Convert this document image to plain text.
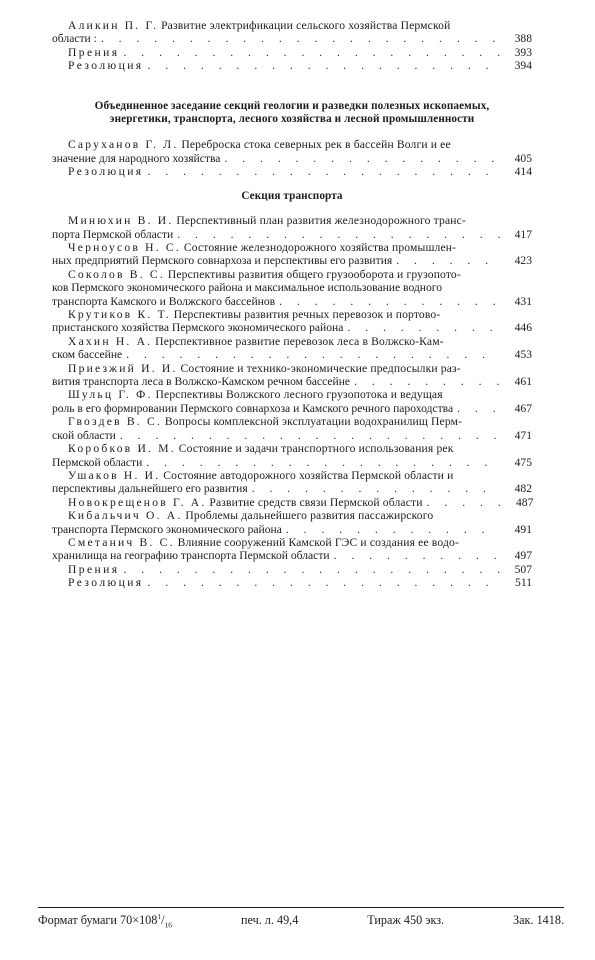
Аликин П. Г. Развитие электрификации сельского хозяйства Пермской
области : . . .	388
Прения . . .	393
Резолюция . . .	394
Объединенное заседание секций геологии и разведки полезных ископаемых,
энергетики, транспорта, лесного хозяйства и лесной промышленности
Саруханов Г. Л. Переброска стока северных рек в бассейн Волги и ее
значение для народного хозяйства . . .	405
Резолюция . . .	414
Секция транспорта
Минюхин В. И. Перспективный план развития железнодорожного транс-
порта Пермской области . . .	417
Черноусов Н. С. Состояние железнодорожного хозяйства промышлен-
ных предприятий Пермского совнархоза и перспективы его развития . . .	423
Соколов В. С. Перспективы развития общего грузооборота и грузопото-
ков Пермского экономического района и максимальное использование водного
транспорта Камского и Волжского бассейнов . . .	431
Крутиков К. Т. Перспективы развития речных перевозок и портово-
пристанского хозяйства Пермского экономического района . . .	446
Хахин Н. А. Перспективное развитие перевозок леса в Волжско-Кам-
ском бассейне . . .	453
Приезжий И. И. Состояние и технико-экономические предпосылки раз-
вития транспорта леса в Волжско-Камском речном бассейне . . .	461
Шульц Г. Ф. Перспективы Волжского лесного грузопотока и ведущая
роль в его формировании Пермского совнархоза и Камского речного пароходства . . .	467
Гвоздев В. С. Вопросы комплексной эксплуатации водохранилищ Перм-
ской области . . .	471
Коробков И. М. Состояние и задачи транспортного использования рек
Пермской области . . .	475
Ушаков Н. И. Состояние автодорожного хозяйства Пермской области и
перспективы дальнейшего его развития . . .	482
Новокрещенов Г. А. Развитие средств связи Пермской области . . .	487
Кибальчич О. А. Проблемы дальнейшего развития пассажирского
транспорта Пермского экономического района . . .	491
Сметанич В. С. Влияние сооружений Камской ГЭС и создания ее водо-
хранилища на географию транспорта Пермской области . . .	497
Прения . . .	507
Резолюция . . .	511
Формат бумаги $70\times 108^1/_{16}$	печ. л. 49,4	Тираж 450 экз.	Зак. 1418.
